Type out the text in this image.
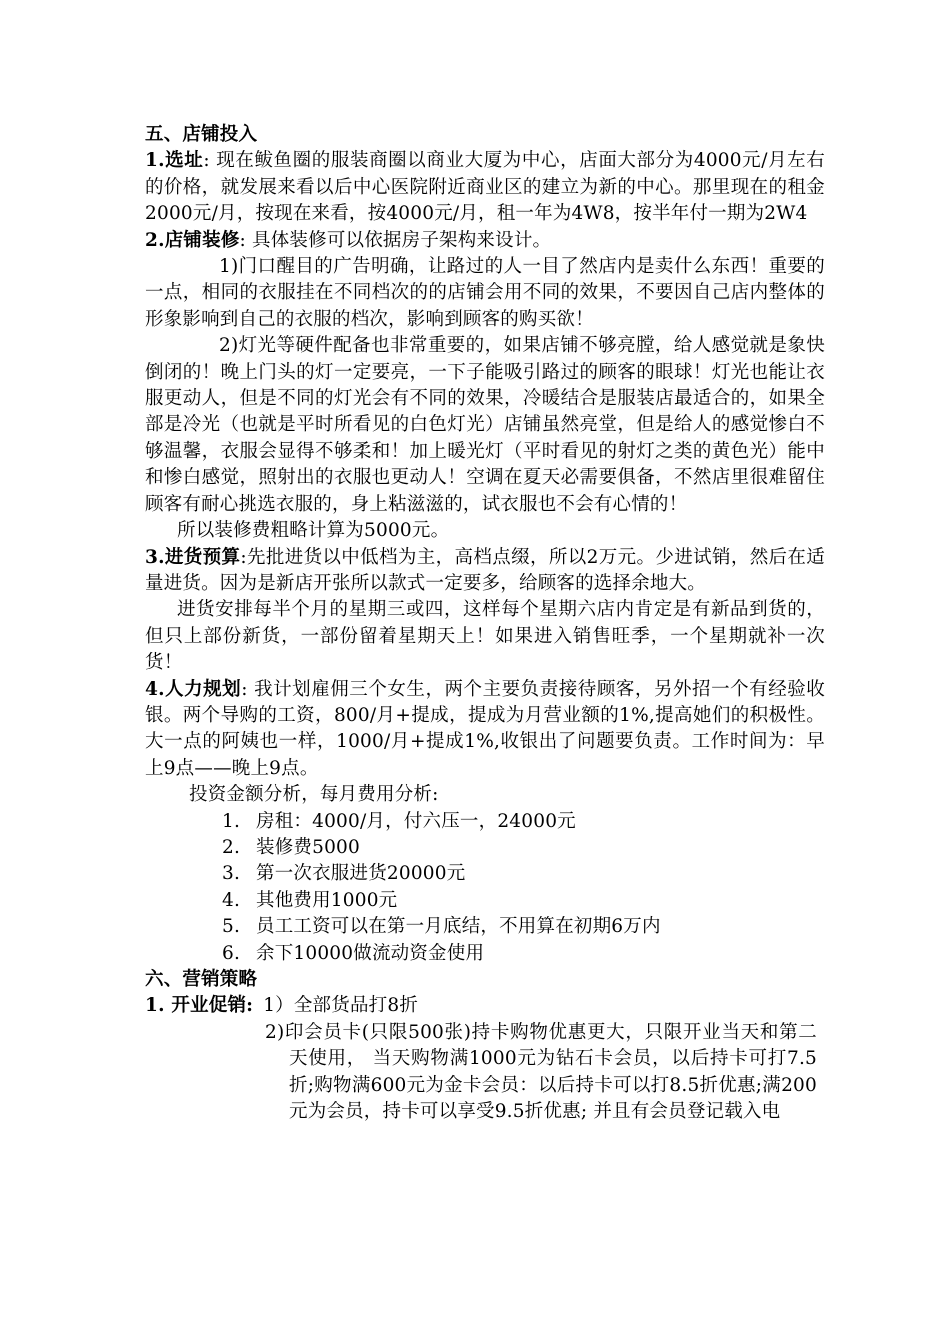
五、店铺投入

1.选址: 现在鲅鱼圈的服装商圈以商业大厦为中心，店面大部分为4000元/月左右的价格，就发展来看以后中心医院附近商业区的建立为新的中心。那里现在的租金2000元/月，按现在来看，按4000元/月，租一年为4W8，按半年付一期为2W4

2.店铺装修: 具体装修可以依据房子架构来设计。

1)门口醒目的广告明确，让路过的人一目了然店内是卖什么东西！重要的一点，相同的衣服挂在不同档次的的店铺会用不同的效果，不要因自己店内整体的形象影响到自己的衣服的档次，影响到顾客的购买欲！

2)灯光等硬件配备也非常重要的，如果店铺不够亮膛，给人感觉就是象快倒闭的！晚上门头的灯一定要亮，一下子能吸引路过的顾客的眼球！灯光也能让衣服更动人，但是不同的灯光会有不同的效果，冷暖结合是服装店最适合的，如果全部是冷光（也就是平时所看见的白色灯光）店铺虽然亮堂，但是给人的感觉惨白不够温馨，衣服会显得不够柔和！加上暖光灯（平时看见的射灯之类的黄色光）能中和惨白感觉，照射出的衣服也更动人！空调在夏天必需要俱备，不然店里很难留住顾客有耐心挑选衣服的，身上粘滋滋的，试衣服也不会有心情的！

所以装修费粗略计算为5000元。

3.进货预算:先批进货以中低档为主，高档点缀，所以2万元。少进试销，然后在适量进货。因为是新店开张所以款式一定要多，给顾客的选择余地大。

进货安排每半个月的星期三或四，这样每个星期六店内肯定是有新品到货的，但只上部份新货，一部份留着星期天上！如果进入销售旺季，一个星期就补一次货！

4.人力规划: 我计划雇佣三个女生，两个主要负责接待顾客，另外招一个有经验收银。两个导购的工资，800/月+提成，提成为月营业额的1%,提高她们的积极性。大一点的阿姨也一样，1000/月+提成1%,收银出了问题要负责。工作时间为：早上9点——晚上9点。

投资金额分析，每月费用分析:

1. 房租：4000/月，付六压一，24000元
2. 装修费5000
3. 第一次衣服进货20000元
4. 其他费用1000元
5. 员工工资可以在第一月底结，不用算在初期6万内
6. 余下10000做流动资金使用

六、营销策略

1. 开业促销: 1）全部货品打8折

2)印会员卡(只限500张)持卡购物优惠更大，只限开业当天和第二天使用， 当天购物满1000元为钻石卡会员，以后持卡可打7.5折;购物满600元为金卡会员：以后持卡可以打8.5折优惠;满200元为会员，持卡可以享受9.5折优惠; 并且有会员登记载入电
